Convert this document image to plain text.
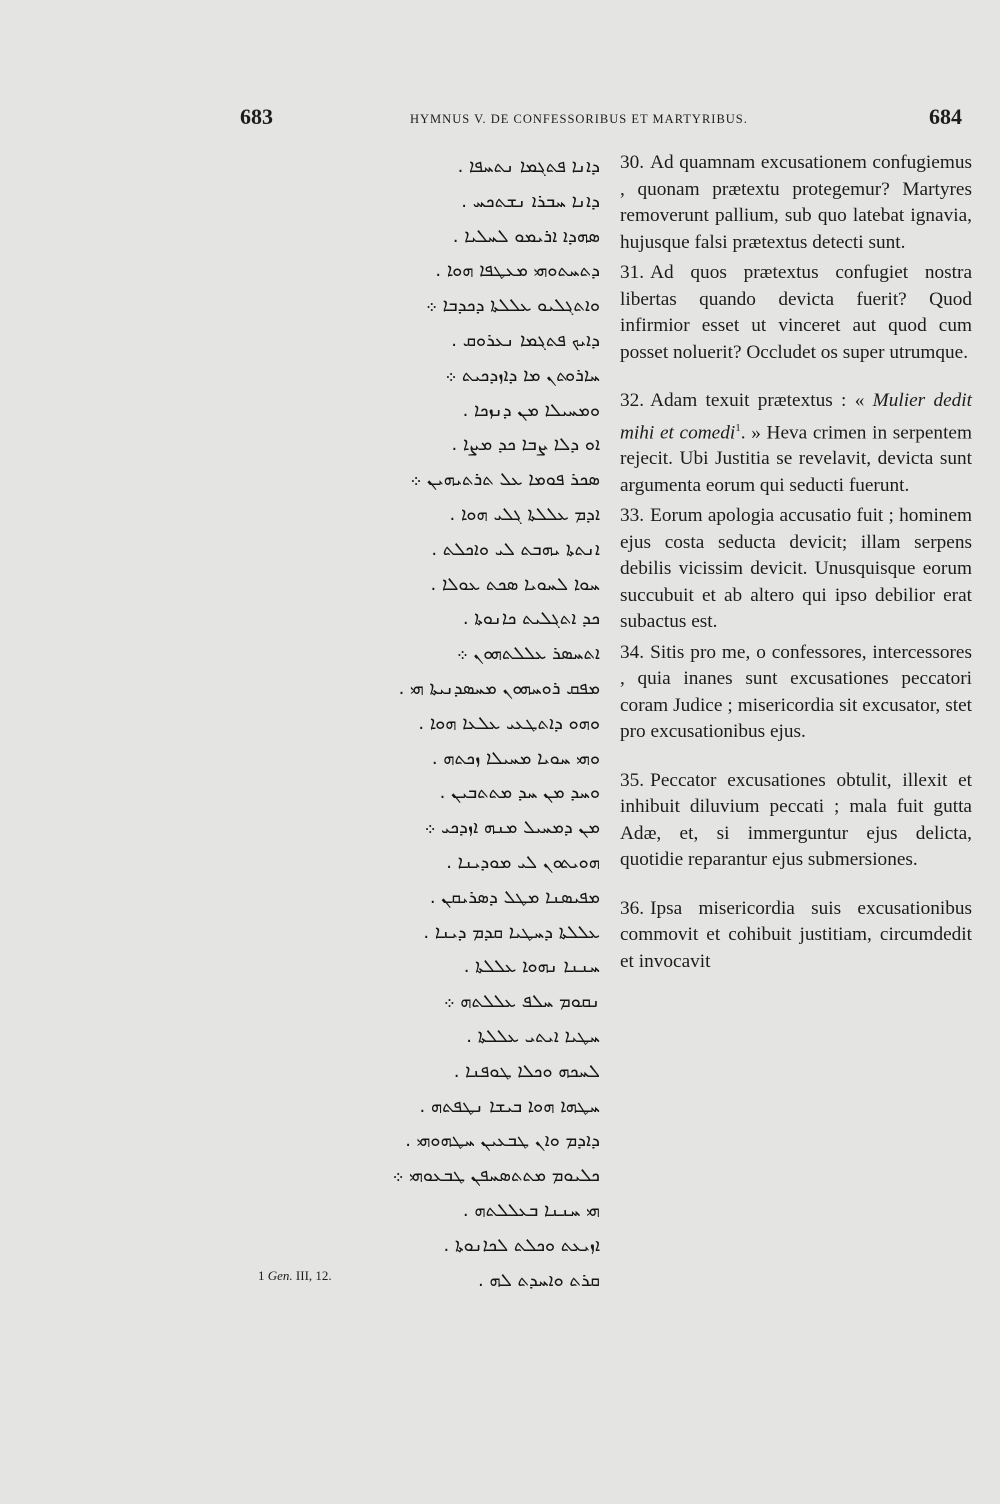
683	HYMNUS V. DE CONFESSORIBUS ET MARTYRIBUS.	684
ܕܐܢܐ ܦܬܓܡܐ ܢܬܚܦܐ .
ܕܐܢܐ ܚܒܪܐ ܢܫܬܟܚ .
ܣܗܕܐ ܐܪܝܡܘ ܠܚܠܝܐ .
ܕܬܚܬܘܗܝ ܡܥܛܦܐ ܗܘܐ .
ܘܐܬܓܠܝܘ ܥܠܠܬܐ ܕܟܕܒܐ ܀
ܕܐܝܟ ܦܬܓܡܐ ܢܥܪܘܩ .
ܚܐܪܘܬܢ ܡܐ ܕܐܙܕܟܝܬ ܀
ܘܡܚܝܠܐ ܡܢ ܕܢܙܟܐ .
ܐܘ ܕܠܐ ܨܒܐ ܟܕ ܡܨܐ .
ܣܟܪ ܦܘܡܐ ܥܠ ܬܪܬܝܗܝܢ ܀
ܐܕܡ ܥܠܠܬܐ ܓܠܝ ܗܘܐ .
ܐܢܬܬܐ ܝܗܒܬ ܠܝ ܘܐܟܠܬ .
ܚܘܐ ܠܚܘܝܐ ܣܟܬ ܥܘܠܐ .
ܟܕ ܐܬܓܠܝܬ ܟܐܢܘܬܐ .
ܐܬܚܣܪ ܥܠܠܬܗܘܢ ܀
ܡܦܩ ܪܘܚܗܘܢ ܡܚܣܕܢܝܬܐ ܗܝ .
ܘܗܘ ܕܐܬܛܥܝ ܥܠܥܐ ܗܘܐ .
ܘܗܝ ܚܘܝܐ ܡܚܝܠܐ ܙܟܬܗ .
ܘܚܕ ܡܢ ܚܕ ܡܬܬܒܝܢ .
ܡܢ ܕܡܚܝܠ ܡܢܗ ܐܙܕܟܝ ܀
ܗܘܝܬܘܢ ܠܝ ܡܘܕܝܢܐ .
ܡܦܝܣܢܐ ܡܛܠ ܕܣܪܝܩܢ .
ܥܠܠܬܐ ܕܚܛܝܐ ܩܕܡ ܕܝܢܐ .
ܚܢܢܐ ܢܗܘܐ ܥܠܠܬܐ .
ܢܩܘܡ ܚܠܦ ܥܠܠܬܗ ܀
ܚܛܝܐ ܐܝܬܝ ܥܠܠܬܐ .
ܠܚܟܗ ܘܟܠܐ ܛܘܦܢܐ .
ܚܛܗܐ ܗܘܐ ܒܝܫܐ ܢܛܦܬܗ .
ܕܐܕܡ ܘܐܢ ܛܒܥܝܢ ܚܛܗܘܗܝ .
ܟܠܝܘܡ ܡܬܬܣܚܦܢ ܛܒܥܘܗܝ ܀
ܗܝ ܚܢܢܐ ܒܥܠܠܬܗ .
ܐܙܝܥܬ ܘܟܠܬ ܠܟܐܢܘܬܐ .
ܩܪܬ ܘܐܚܕܬ ܠܗ .

30. Ad quamnam excusationem confugiemus , quonam prætextu protegemur? Martyres removerunt pallium, sub quo latebat ignavia, hujusque falsi prætextus detecti sunt.

31. Ad quos prætextus confugiet nostra libertas quando devicta fuerit? Quod infirmior esset ut vinceret aut quod cum posset noluerit? Occludet os super utrumque.

32. Adam texuit prætextus : « Mulier dedit mihi et comedi$^1$. » Heva crimen in serpentem rejecit. Ubi Justitia se revelavit, devicta sunt argumenta eorum qui seducti fuerunt.

33. Eorum apologia accusatio fuit ; hominem ejus costa seducta devicit; illam serpens debilis vicissim devicit. Unusquisque eorum succubuit et ab altero qui ipso debilior erat subactus est.

34. Sitis pro me, o confessores, intercessores , quia inanes sunt excusationes peccatori coram Judice ; misericordia sit excusator, stet pro excusationibus ejus.

35. Peccator excusationes obtulit, illexit et inhibuit diluvium peccati ; mala fuit gutta Adæ, et, si immerguntur ejus delicta, quotidie reparantur ejus submersiones.

36. Ipsa misericordia suis excusationibus commovit et cohibuit justitiam, circumdedit et invocavit

1 Gen. III, 12.
